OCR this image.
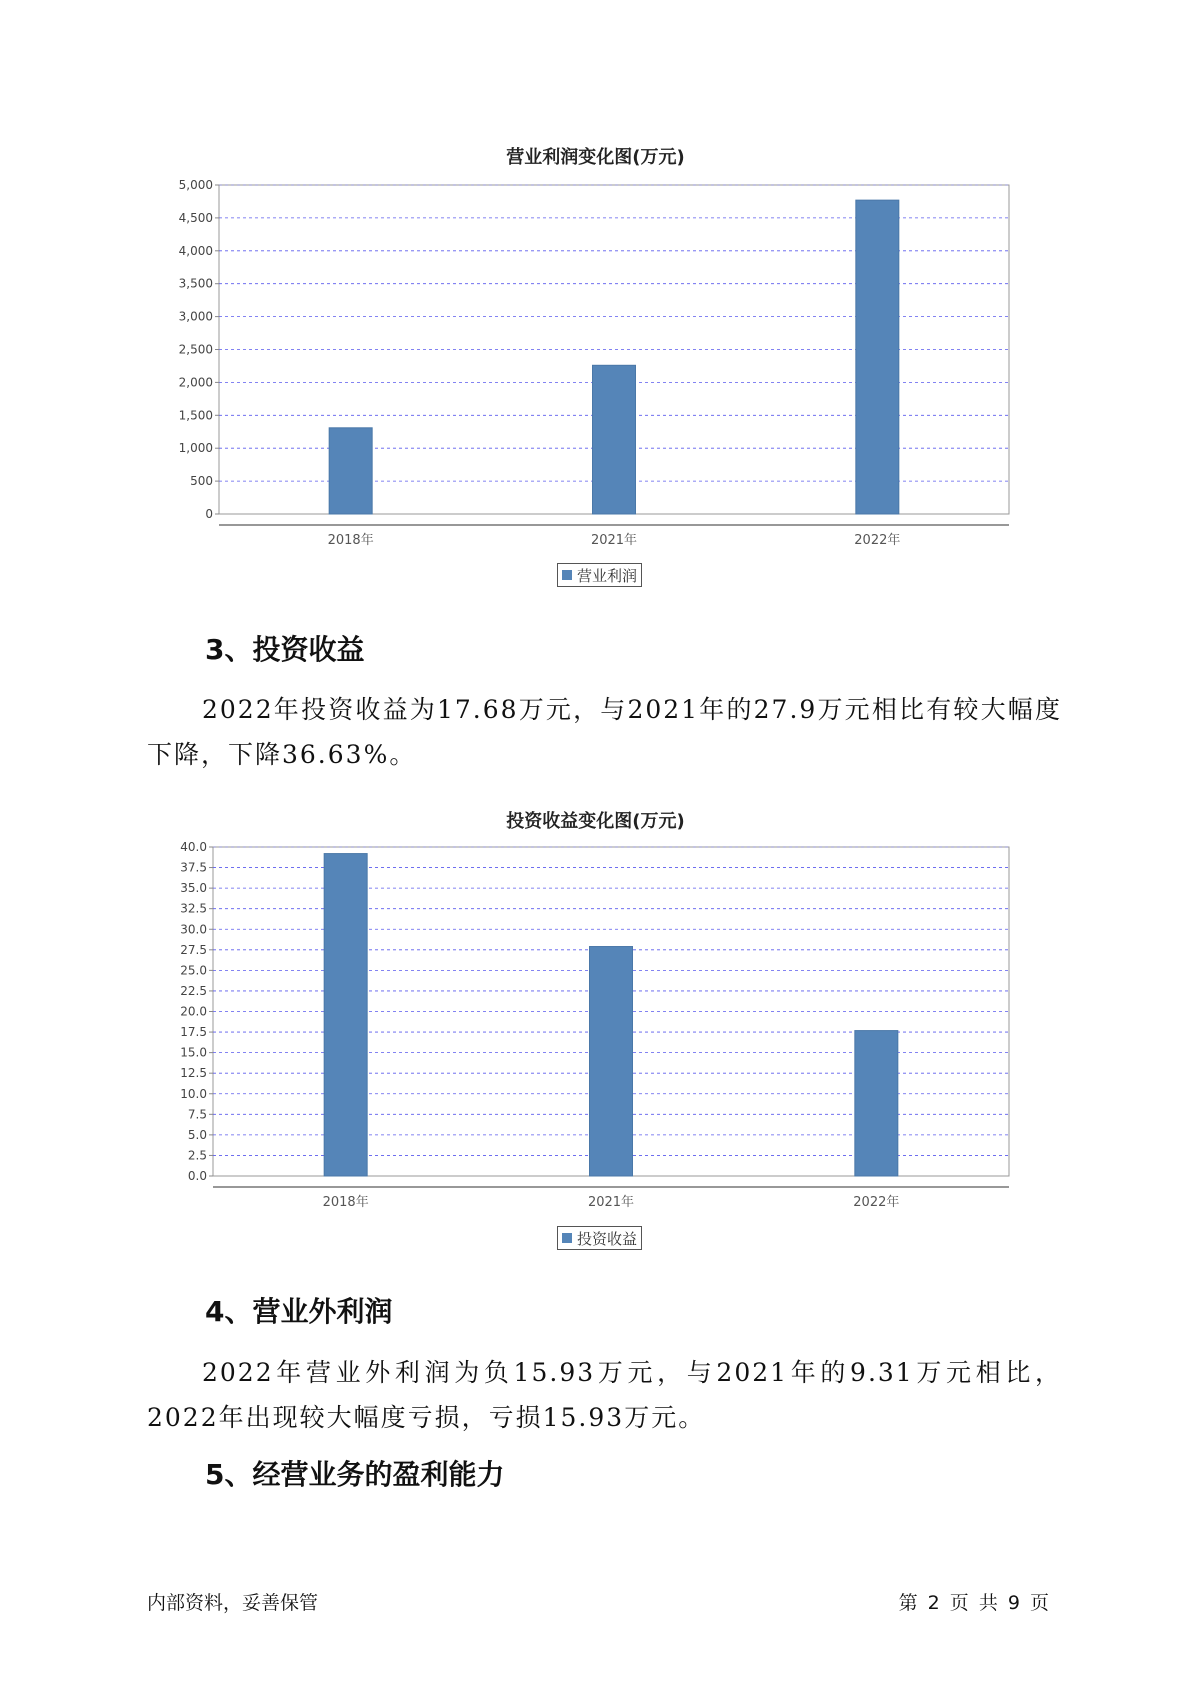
营业利润变化图(万元)
0
500
1,000
1,500
2,000
2,500
3,000
3,500
4,000
4,500
5,000
2018年	2021年	2022年
营业利润
3、投资收益
2022年投资收益为17.68万元，与2021年的27.9万元相比有较大幅度下降，下降36.63%。
投资收益变化图(万元)
0.0
2.5
5.0
7.5
10.0
12.5
15.0
17.5
20.0
22.5
25.0
27.5
30.0
32.5
35.0
37.5
40.0
2018年	2021年	2022年
投资收益
4、营业外利润
2022年营业外利润为负15.93万元，与2021年的9.31万元相比，2022年出现较大幅度亏损，亏损15.93万元。
5、经营业务的盈利能力
内部资料，妥善保管	第 2 页 共 9 页
